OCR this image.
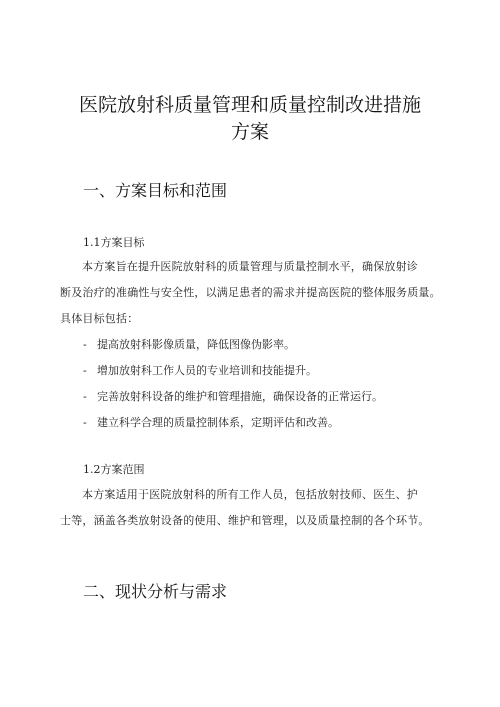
医院放射科质量管理和质量控制改进措施
方案
一、方案目标和范围
1.1方案目标
本方案旨在提升医院放射科的质量管理与质量控制水平，确保放射诊
断及治疗的准确性与安全性，以满足患者的需求并提高医院的整体服务质量。
具体目标包括：
- 提高放射科影像质量，降低图像伪影率。
- 增加放射科工作人员的专业培训和技能提升。
- 完善放射科设备的维护和管理措施，确保设备的正常运行。
- 建立科学合理的质量控制体系，定期评估和改善。
1.2方案范围
本方案适用于医院放射科的所有工作人员，包括放射技师、医生、护
士等，涵盖各类放射设备的使用、维护和管理，以及质量控制的各个环节。
二、现状分析与需求
